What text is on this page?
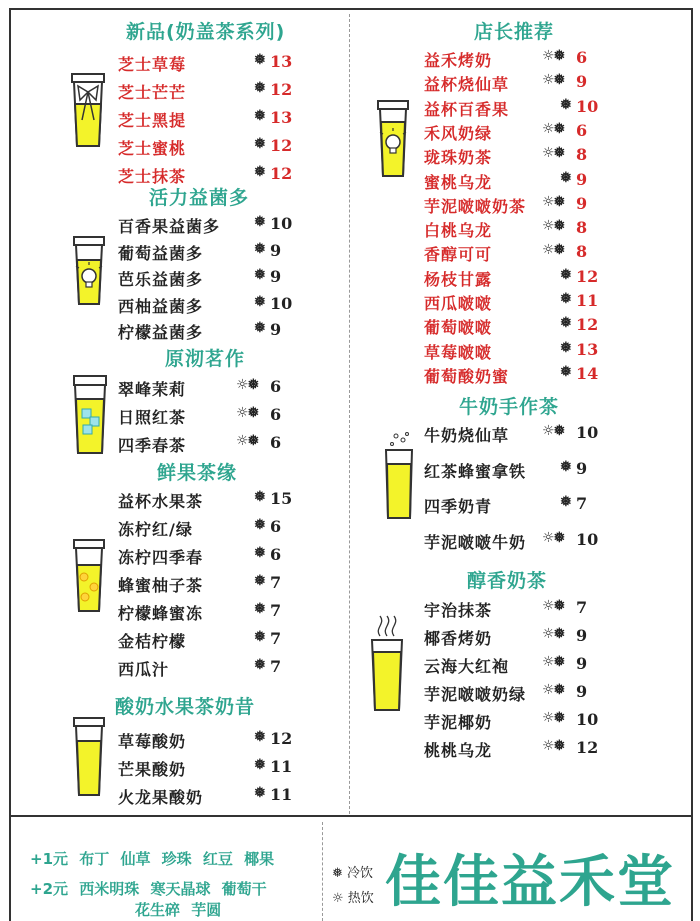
新品(奶盖茶系列)
活力益菌多
原沏茗作
鲜果茶缘
酸奶水果茶奶昔
店长推荐
牛奶手作茶
醇香奶茶
芝士草莓	❅ 13
芝士芒芒	❅ 12
芝士黑提	❅ 13
芝士蜜桃	❅ 12
芝士抹茶	❅ 12
百香果益菌多 ❅ 10
葡萄益菌多	❅ 9
芭乐益菌多	❅ 9
西柚益菌多	❅ 10
柠檬益菌多	❅ 9
翠峰茉莉	☼❅ 6
日照红茶	☼❅ 6
四季春茶	☼❅ 6
益杯水果茶	❅ 15
冻柠红/绿	❅ 6
冻柠四季春	❅ 6
蜂蜜柚子茶	❅ 7
柠檬蜂蜜冻	❅ 7
金桔柠檬	❅ 7
西瓜汁	❅ 7
草莓酸奶	❅ 12
芒果酸奶	❅ 11
火龙果酸奶	❅ 11
益禾烤奶	☼❅ 6
益杯烧仙草 ☼❅ 9
益杯百香果	❅ 10
禾风奶绿	☼❅ 6
珑珠奶茶	☼❅ 8
蜜桃乌龙	❅ 9
芋泥啵啵奶茶 ☼❅ 9
白桃乌龙	☼❅ 8
香醇可可	☼❅ 8
杨枝甘露	❅ 12
西瓜啵啵	❅ 11
葡萄啵啵	❅ 12
草莓啵啵	❅ 13
葡萄酸奶蜜	❅ 14
牛奶烧仙草 ☼❅ 10
红茶蜂蜜拿铁 ❅ 9
四季奶青	❅ 7
芋泥啵啵牛奶 ☼❅ 10
宇治抹茶	☼❅ 7
椰香烤奶	☼❅ 9
云海大红袍 ☼❅ 9
芋泥啵啵奶绿 ☼❅ 9
芋泥椰奶	☼❅ 10
桃桃乌龙	☼❅ 12
+1元 布丁 仙草 珍珠 红豆 椰果
+2元 西米明珠 寒天晶球 葡萄干
花生碎 芋圆
❅ 冷饮
☼ 热饮 佳佳益禾堂
